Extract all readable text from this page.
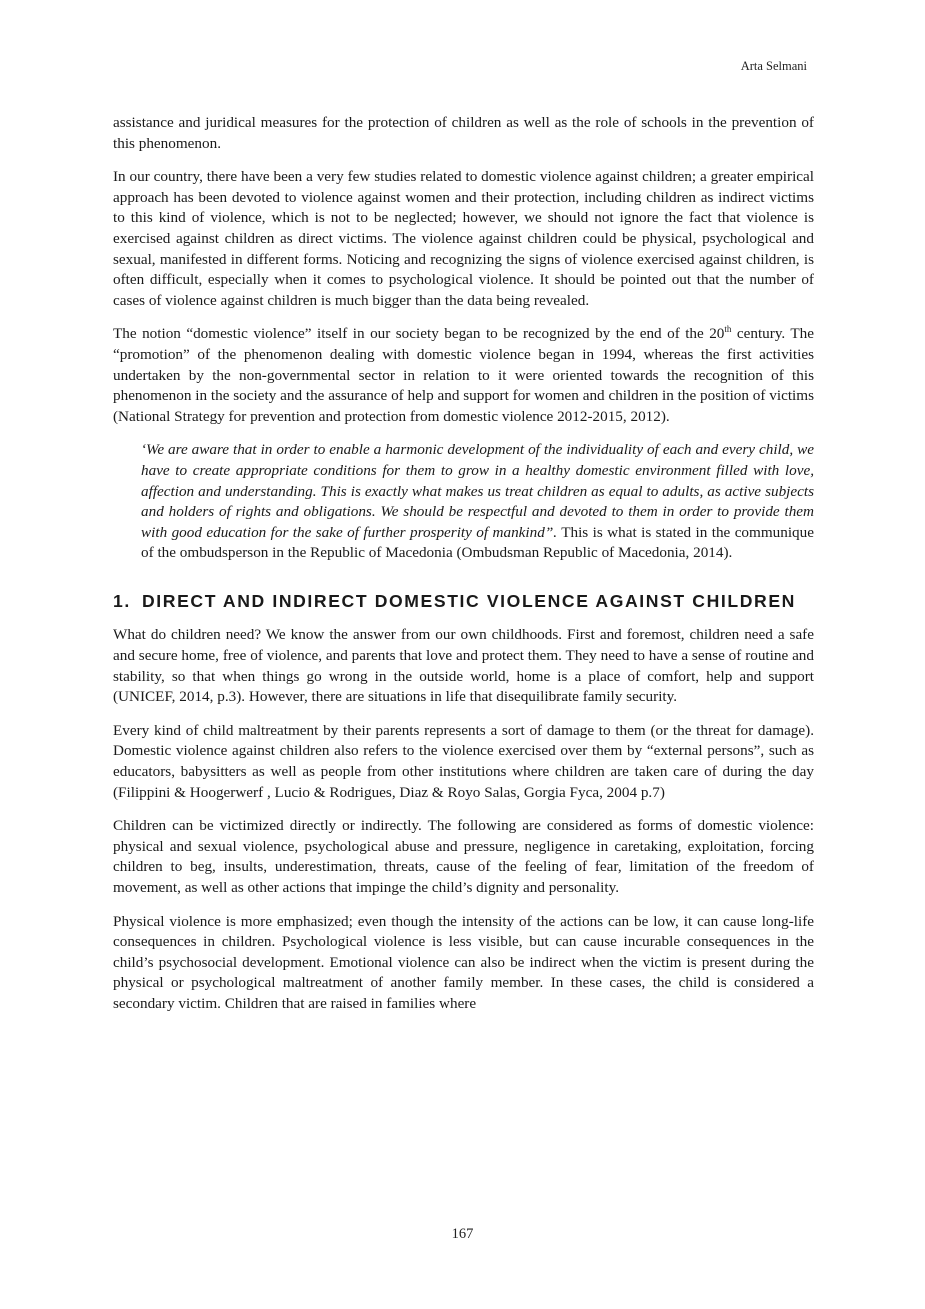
Arta Selmani

assistance and juridical measures for the protection of children as well as the role of schools in the prevention of this phenomenon.

In our country, there have been a very few studies related to domestic violence against children; a greater empirical approach has been devoted to violence against women and their protection, including children as indirect victims to this kind of violence, which is not to be neglected; however, we should not ignore the fact that violence is exercised against children as direct victims. The violence against children could be physical, psychological and sexual, manifested in different forms. Noticing and recognizing the signs of violence exercised against children, is often difficult, especially when it comes to psychological violence. It should be pointed out that the number of cases of violence against children is much bigger than the data being revealed.

The notion “domestic violence” itself in our society began to be recognized by the end of the 20th century. The “promotion” of the phenomenon dealing with domestic violence began in 1994, whereas the first activities undertaken by the non-governmental sector in relation to it were oriented towards the recognition of this phenomenon in the society and the assurance of help and support for women and children in the position of victims (National Strategy for prevention and protection from domestic violence 2012-2015, 2012).

‘We are aware that in order to enable a harmonic development of the individuality of each and every child, we have to create appropriate conditions for them to grow in a healthy domestic environment filled with love, affection and understanding. This is exactly what makes us treat children as equal to adults, as active subjects and holders of rights and obligations. We should be respectful and devoted to them in order to provide them with good education for the sake of further prosperity of mankind”. This is what is stated in the communique of the ombudsperson in the Republic of Macedonia (Ombudsman Republic of Macedonia, 2014).

1. DIRECT AND INDIRECT DOMESTIC VIOLENCE AGAINST CHILDREN

What do children need? We know the answer from our own childhoods. First and foremost, children need a safe and secure home, free of violence, and parents that love and protect them. They need to have a sense of routine and stability, so that when things go wrong in the outside world, home is a place of comfort, help and support (UNICEF, 2014, p.3). However, there are situations in life that disequilibrate family security.

Every kind of child maltreatment by their parents represents a sort of damage to them (or the threat for damage). Domestic violence against children also refers to the violence exercised over them by “external persons”, such as educators, babysitters as well as people from other institutions where children are taken care of during the day (Filippini & Hoogerwerf , Lucio & Rodrigues, Diaz & Royo Salas, Gorgia Fyca, 2004 p.7)

Children can be victimized directly or indirectly. The following are considered as forms of domestic violence: physical and sexual violence, psychological abuse and pressure, negligence in caretaking, exploitation, forcing children to beg, insults, underestimation, threats, cause of the feeling of fear, limitation of the freedom of movement, as well as other actions that impinge the child’s dignity and personality.

Physical violence is more emphasized; even though the intensity of the actions can be low, it can cause long-life consequences in children. Psychological violence is less visible, but can cause incurable consequences in the child’s psychosocial development. Emotional violence can also be indirect when the victim is present during the physical or psychological maltreatment of another family member. In these cases, the child is considered a secondary victim. Children that are raised in families where

167
